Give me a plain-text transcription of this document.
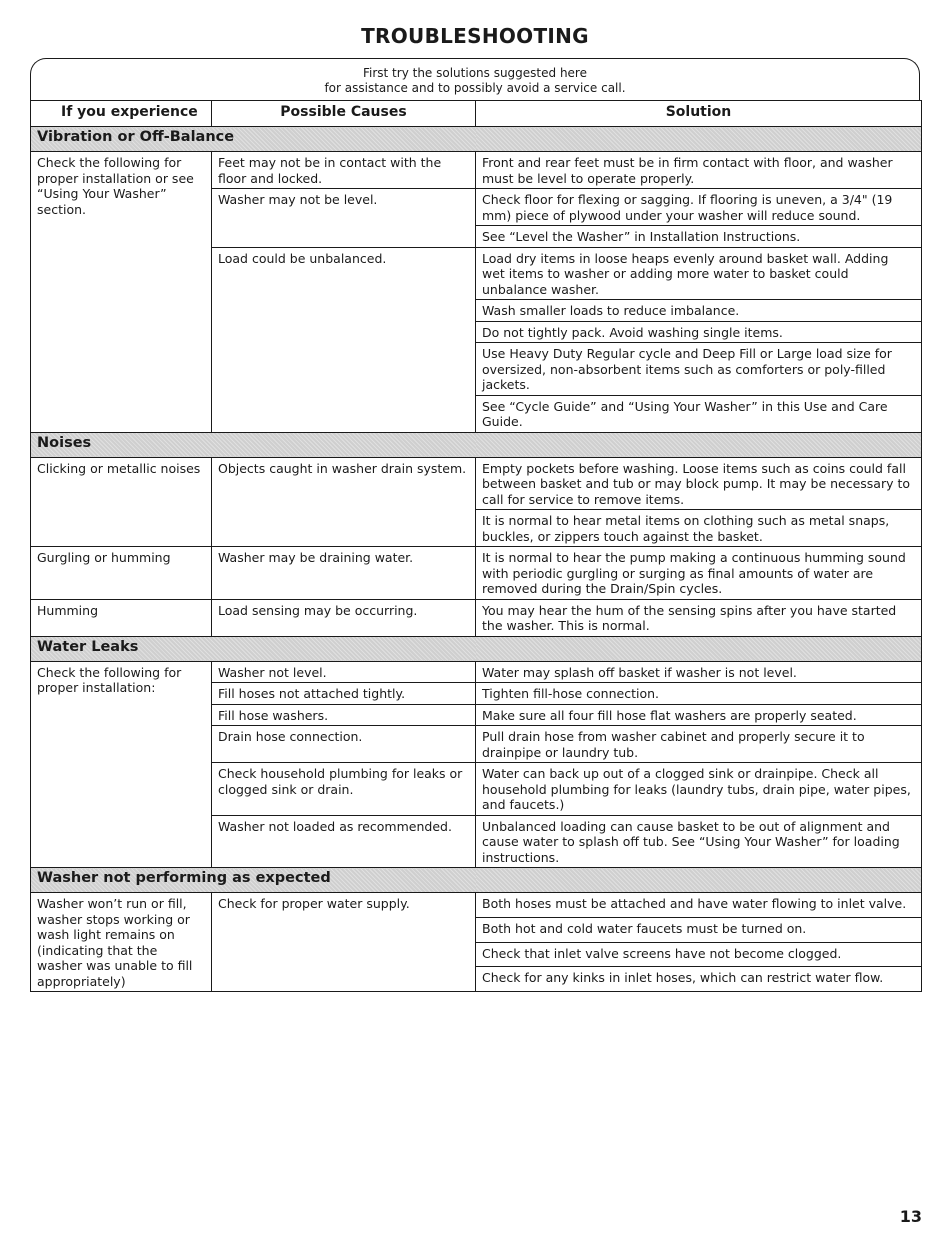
TROUBLESHOOTING
First try the solutions suggested here
for assistance and to possibly avoid a service call.
If you experience	Possible Causes	Solution
Vibration or Off-Balance		
Check the following for proper installation or see “Using Your Washer” section.	Feet may not be in contact with the floor and locked.	Front and rear feet must be in firm contact with floor, and washer must be level to operate properly.
	Washer may not be level.	Check floor for flexing or sagging. If flooring is uneven, a 3/4" (19 mm) piece of plywood under your washer will reduce sound.
		See “Level the Washer” in Installation Instructions.
	Load could be unbalanced.	Load dry items in loose heaps evenly around basket wall. Adding wet items to washer or adding more water to basket could unbalance washer.
		Wash smaller loads to reduce imbalance.
		Do not tightly pack. Avoid washing single items.
		Use Heavy Duty Regular cycle and Deep Fill or Large load size for oversized, non-absorbent items such as comforters or poly-filled jackets.
		See “Cycle Guide” and “Using Your Washer” in this Use and Care Guide.
Noises		
Clicking or metallic noises	Objects caught in washer drain system.	Empty pockets before washing. Loose items such as coins could fall between basket and tub or may block pump. It may be necessary to call for service to remove items.
		It is normal to hear metal items on clothing such as metal snaps, buckles, or zippers touch against the basket.
Gurgling or humming	Washer may be draining water.	It is normal to hear the pump making a continuous humming sound with periodic gurgling or surging as final amounts of water are removed during the Drain/Spin cycles.
Humming	Load sensing may be occurring.	You may hear the hum of the sensing spins after you have started the washer. This is normal.
Water Leaks		
Check the following for proper installation:	Washer not level.	Water may splash off basket if washer is not level.
	Fill hoses not attached tightly.	Tighten fill-hose connection.
	Fill hose washers.	Make sure all four fill hose flat washers are properly seated.
	Drain hose connection.	Pull drain hose from washer cabinet and properly secure it to drainpipe or laundry tub.
	Check household plumbing for leaks or clogged sink or drain.	Water can back up out of a clogged sink or drainpipe. Check all household plumbing for leaks (laundry tubs, drain pipe, water pipes, and faucets.)
	Washer not loaded as recommended.	Unbalanced loading can cause basket to be out of alignment and cause water to splash off tub. See “Using Your Washer” for loading instructions.
Washer not performing as expected		
Washer won’t run or fill, washer stops working or wash light remains on (indicating that the washer was unable to fill appropriately)	Check for proper water supply.	Both hoses must be attached and have water flowing to inlet valve.
		Both hot and cold water faucets must be turned on.
		Check that inlet valve screens have not become clogged.
		Check for any kinks in inlet hoses, which can restrict water flow.
13
